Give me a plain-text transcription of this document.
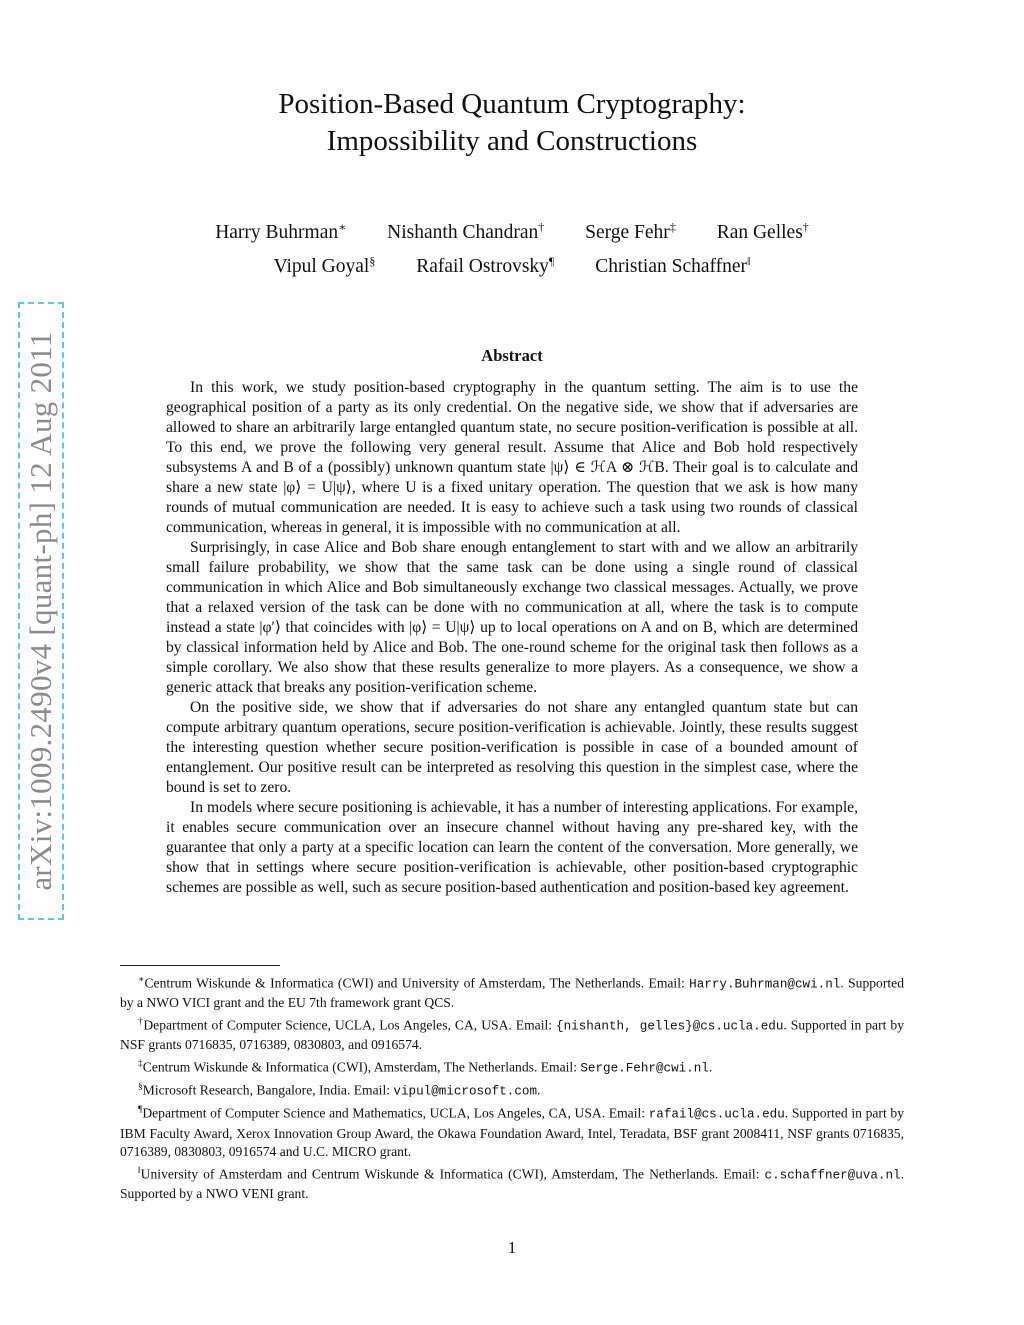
arXiv:1009.2490v4 [quant-ph] 12 Aug 2011
Position-Based Quantum Cryptography:
Impossibility and Constructions
Harry Buhrman∗ Nishanth Chandran† Serge Fehr‡ Ran Gelles†
Vipul Goyal§ Rafail Ostrovsky¶ Christian Schaffner‖
Abstract

In this work, we study position-based cryptography in the quantum setting. The aim is to use the geographical position of a party as its only credential. On the negative side, we show that if adversaries are allowed to share an arbitrarily large entangled quantum state, no secure position-verification is possible at all. To this end, we prove the following very general result. Assume that Alice and Bob hold respectively subsystems A and B of a (possibly) unknown quantum state |ψ⟩ ∈ ℋA ⊗ ℋB. Their goal is to calculate and share a new state |φ⟩ = U|ψ⟩, where U is a fixed unitary operation. The question that we ask is how many rounds of mutual communication are needed. It is easy to achieve such a task using two rounds of classical communication, whereas in general, it is impossible with no communication at all.

Surprisingly, in case Alice and Bob share enough entanglement to start with and we allow an arbitrarily small failure probability, we show that the same task can be done using a single round of classical communication in which Alice and Bob simultaneously exchange two classical messages. Actually, we prove that a relaxed version of the task can be done with no communication at all, where the task is to compute instead a state |φ′⟩ that coincides with |φ⟩ = U|ψ⟩ up to local operations on A and on B, which are determined by classical information held by Alice and Bob. The one-round scheme for the original task then follows as a simple corollary. We also show that these results generalize to more players. As a consequence, we show a generic attack that breaks any position-verification scheme.

On the positive side, we show that if adversaries do not share any entangled quantum state but can compute arbitrary quantum operations, secure position-verification is achievable. Jointly, these results suggest the interesting question whether secure position-verification is possible in case of a bounded amount of entanglement. Our positive result can be interpreted as resolving this question in the simplest case, where the bound is set to zero.

In models where secure positioning is achievable, it has a number of interesting applications. For example, it enables secure communication over an insecure channel without having any pre-shared key, with the guarantee that only a party at a specific location can learn the content of the conversation. More generally, we show that in settings where secure position-verification is achievable, other position-based cryptographic schemes are possible as well, such as secure position-based authentication and position-based key agreement.

∗Centrum Wiskunde & Informatica (CWI) and University of Amsterdam, The Netherlands. Email: Harry.Buhrman@cwi.nl. Supported by a NWO VICI grant and the EU 7th framework grant QCS.

†Department of Computer Science, UCLA, Los Angeles, CA, USA. Email: {nishanth, gelles}@cs.ucla.edu. Supported in part by NSF grants 0716835, 0716389, 0830803, and 0916574.

‡Centrum Wiskunde & Informatica (CWI), Amsterdam, The Netherlands. Email: Serge.Fehr@cwi.nl.

§Microsoft Research, Bangalore, India. Email: vipul@microsoft.com.

¶Department of Computer Science and Mathematics, UCLA, Los Angeles, CA, USA. Email: rafail@cs.ucla.edu. Supported in part by IBM Faculty Award, Xerox Innovation Group Award, the Okawa Foundation Award, Intel, Teradata, BSF grant 2008411, NSF grants 0716835, 0716389, 0830803, 0916574 and U.C. MICRO grant.

‖University of Amsterdam and Centrum Wiskunde & Informatica (CWI), Amsterdam, The Netherlands. Email: c.schaffner@uva.nl. Supported by a NWO VENI grant.

1
